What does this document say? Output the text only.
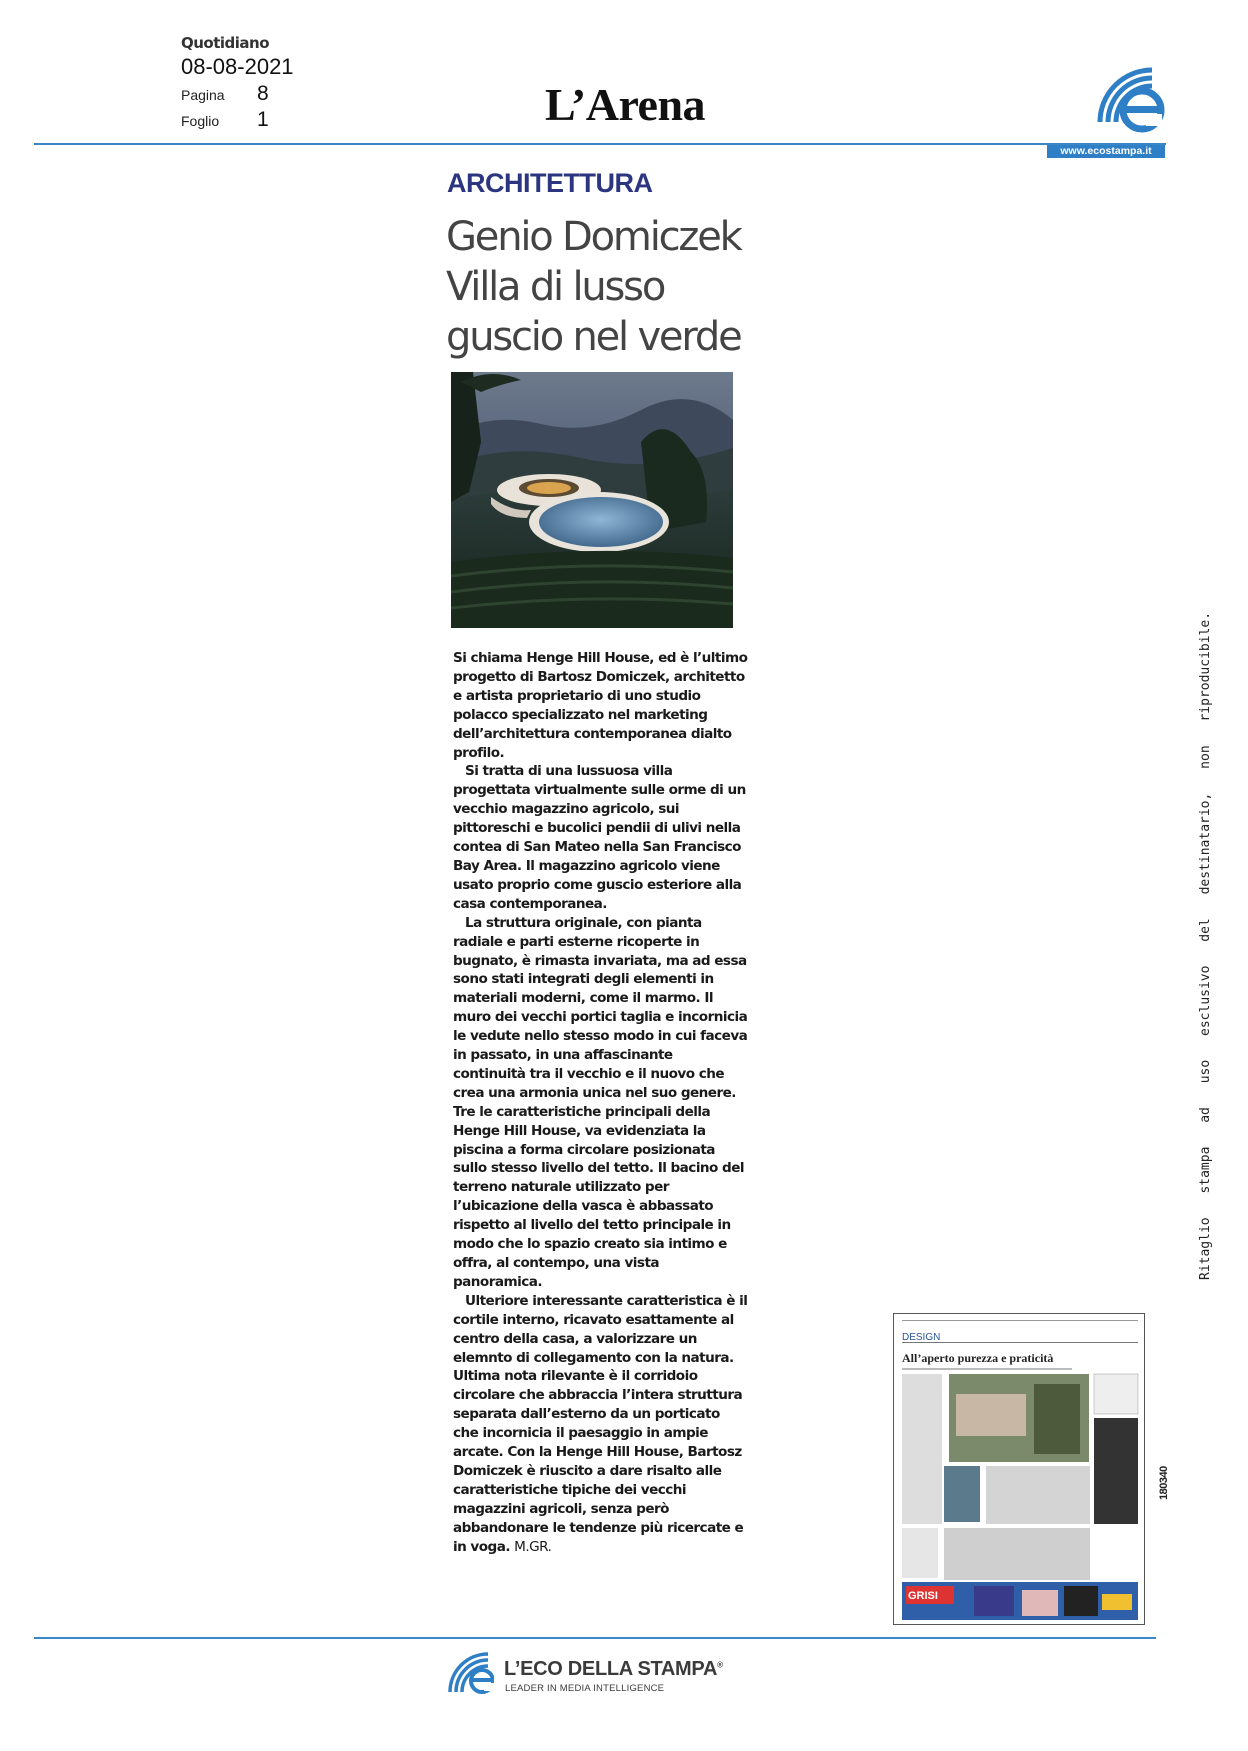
Quotidiano
08-08-2021
Pagina	8
Foglio	1	L’Arena
www.ecostampa.it
ARCHITETTURA
Genio Domiczek
Villa di lusso
guscio nel verde

Si chiama Henge Hill House, ed è l’ultimo progetto di Bartosz Domiczek, architetto e artista proprietario di uno studio polacco specializzato nel marketing dell’architettura contemporanea dialto profilo.

Si tratta di una lussuosa villa progettata virtualmente sulle orme di un vecchio magazzino agricolo, sui pittoreschi e bucolici pendii di ulivi nella contea di San Mateo nella San Francisco Bay Area. Il magazzino agricolo viene usato proprio come guscio esteriore alla casa contemporanea.

La struttura originale, con pianta radiale e parti esterne ricoperte in bugnato, è rimasta invariata, ma ad essa sono stati integrati degli elementi in materiali moderni, come il marmo. Il muro dei vecchi portici taglia e incornicia le vedute nello stesso modo in cui faceva in passato, in una affascinante continuità tra il vecchio e il nuovo che crea una armonia unica nel suo genere. Tre le caratteristiche principali della Henge Hill House, va evidenziata la piscina a forma circolare posizionata sullo stesso livello del tetto. Il bacino del terreno naturale utilizzato per l’ubicazione della vasca è abbassato rispetto al livello del tetto principale in modo che lo spazio creato sia intimo e offra, al contempo, una vista panoramica.

Ulteriore interessante caratteristica è il cortile interno, ricavato esattamente al centro della casa, a valorizzare un elemnto di collegamento con la natura. Ultima nota rilevante è il corridoio circolare che abbraccia l’intera struttura separata dall’esterno da un porticato che incornicia il paesaggio in ampie arcate. Con la Henge Hill House, Bartosz Domiczek è riuscito a dare risalto alle caratteristiche tipiche dei vecchi magazzini agricoli, senza però abbandonare le tendenze più ricercate e in voga. M.GR.

DESIGN
All’aperto purezza e praticità
GRISI
Ritaglio stampa ad uso esclusivo del destinatario, non riproducibile.
180340
L’ECO DELLA STAMPA®
LEADER IN MEDIA INTELLIGENCE
